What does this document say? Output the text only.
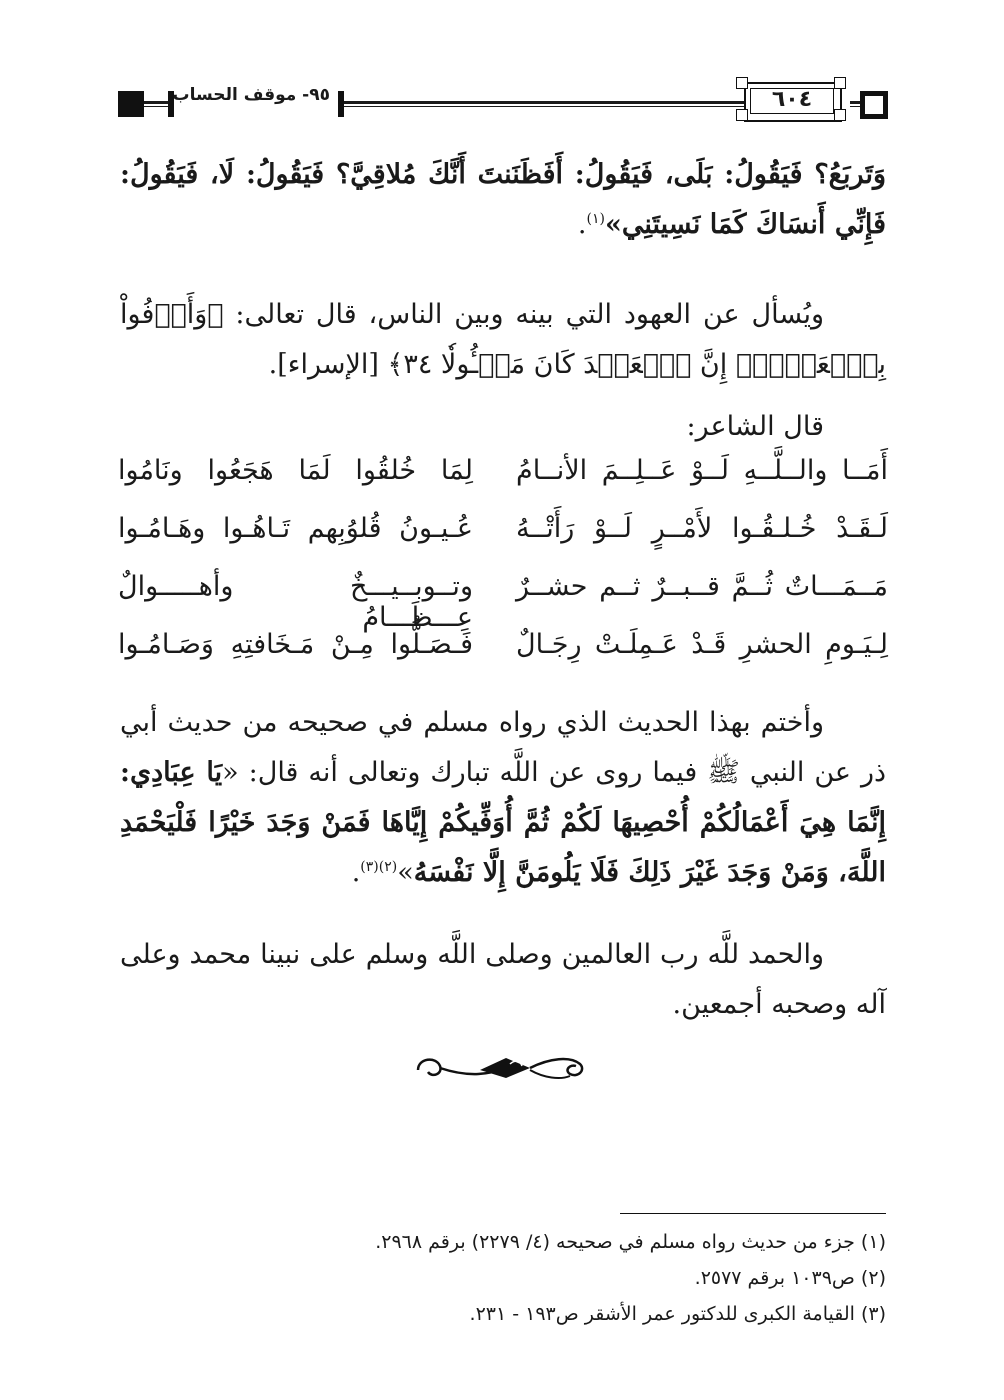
٩٥- موقف الحساب	٦٠٤
وَتَربَعُ؟ فَيَقُولُ: بَلَى، فَيَقُولُ: أَفَظَنَنتَ أَنَّكَ مُلاقِيَّ؟ فَيَقُولُ: لَا، فَيَقُولُ: فَإِنِّي أَنسَاكَ كَمَا نَسِيتَنِي»$^{(١)}$.
ويُسأل عن العهود التي بينه وبين الناس، قال تعالى: ﴿وَأَوۡفُواْ بِٱلۡعَهۡدِۖ إِنَّ ٱلۡعَهۡدَ كَانَ مَسۡـُٔولٗا ٣٤﴾ [الإسراء].
قال الشاعر:
أَمَــا والــلَّــهِ لَــوْ عَــلِــمَ الأنــامُ
لِمَا خُلقُوا لَمَا هَجَعُوا ونَامُوا
لَـقَـدْ خُـلـقُـوا لأَمْــرٍ لَــوْ رَأَتْــهُ
عُـيـونُ قُلوُبِهم تَـاهُـوا وهَـامُـوا
مَــمَـــاتٌ ثُــمَّ قــبــرٌ ثــم حشــرٌ
وتــوبــيـــخٌ وأهـــــوالٌ عِـــظَـــامُ
لِـيَـومِ الحشرِ قَـدْ عَـمِلَـتْ رِجَـالٌ
فَـصَـلُّوا مِـنْ مَـخَافتِهِ وَصَـامُـوا
وأختم بهذا الحديث الذي رواه مسلم في صحيحه من حديث أبي ذر عن النبي ﷺ فيما روى عن اللَّه تبارك وتعالى أنه قال: «يَا عِبَادِي: إِنَّمَا هِيَ أَعْمَالُكُمْ أُحْصِيهَا لَكُمْ ثُمَّ أُوَفِّيكُمْ إِيَّاهَا فَمَنْ وَجَدَ خَيْرًا فَلْيَحْمَدِ اللَّهَ، وَمَنْ وَجَدَ غَيْرَ ذَلِكَ فَلَا يَلُومَنَّ إِلَّا نَفْسَهُ»$^{(٢)(٣)}$.
والحمد للَّه رب العالمين وصلى اللَّه وسلم على نبينا محمد وعلى آله وصحبه أجمعين.
(١) جزء من حديث رواه مسلم في صحيحه (٤/ ٢٢٧٩) برقم ٢٩٦٨.
(٢) ص١٠٣٩ برقم ٢٥٧٧.
(٣) القيامة الكبرى للدكتور عمر الأشقر ص١٩٣ - ٢٣١.
